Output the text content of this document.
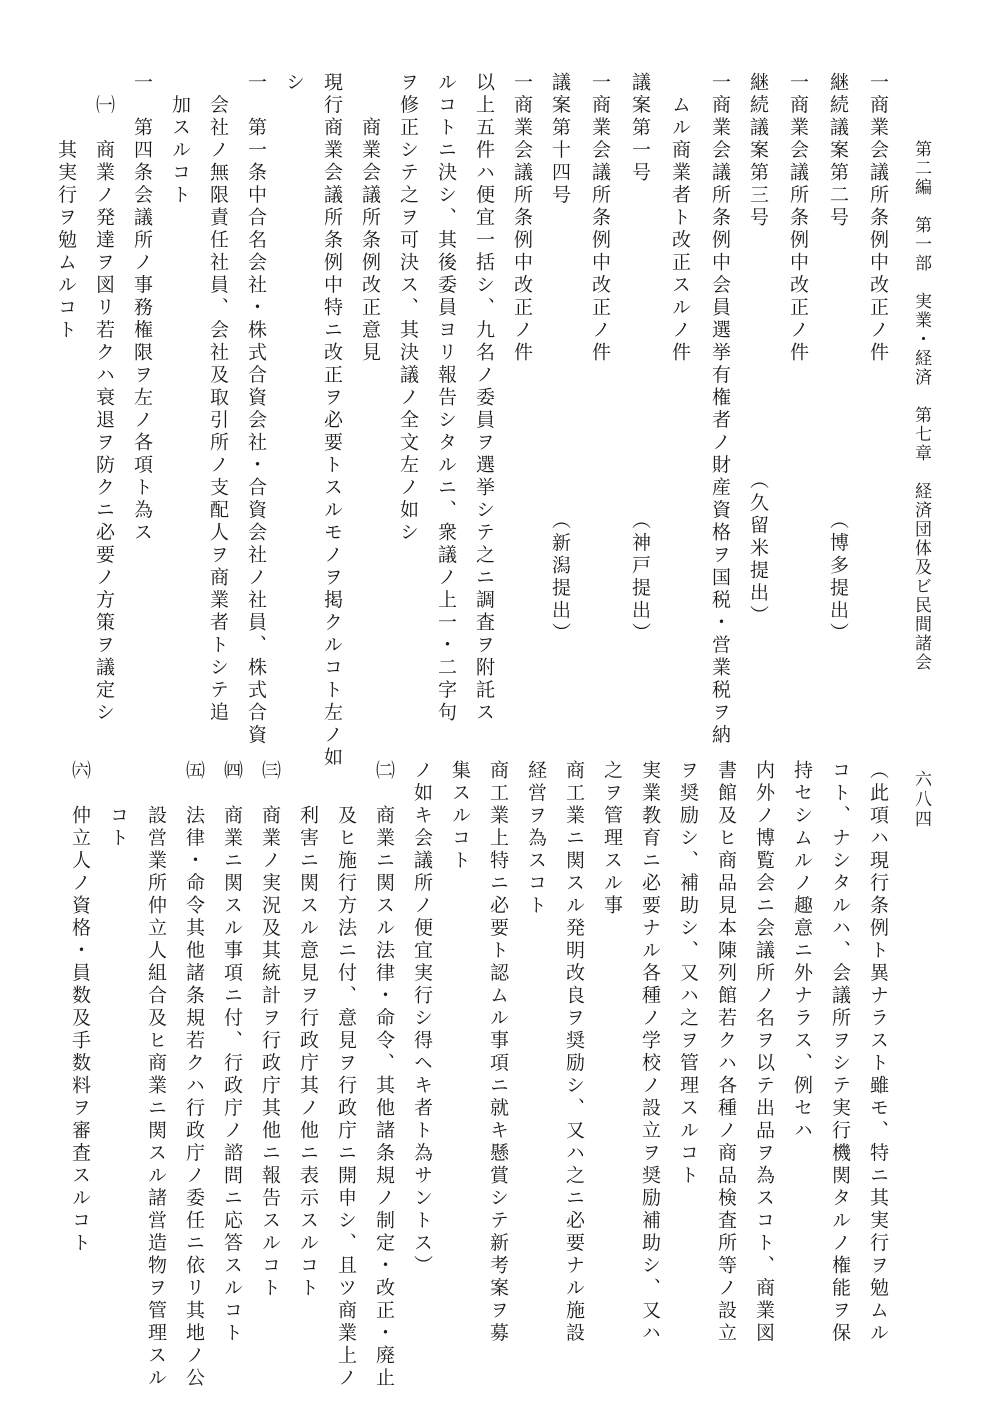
第二編　第一部　実業・経済　第七章　経済団体及ビ民間諸会
六八四
一商業会議所条例中改正ノ件
継続議案第二号
（博多提出）
一商業会議所条例中改正ノ件
継続議案第三号
（久留米提出）
一商業会議所条例中会員選挙有権者ノ財産資格ヲ国税・営業税ヲ納
　ムル商業者ト改正スルノ件
議案第一号
（神戸提出）
一商業会議所条例中改正ノ件
議案第十四号
（新潟提出）
一商業会議所条例中改正ノ件
以上五件ハ便宜一括シ、九名ノ委員ヲ選挙シテ之ニ調査ヲ附託ス
ルコトニ決シ、其後委員ヨリ報告シタルニ、衆議ノ上一・二字句
ヲ修正シテ之ヲ可決ス、其決議ノ全文左ノ如シ
　　商業会議所条例改正意見
現行商業会議所条例中特ニ改正ヲ必要トスルモノヲ掲クルコト左ノ如
シ
一　第一条中合名会社・株式合資会社・合資会社ノ社員、株式合資
　会社ノ無限責任社員、会社及取引所ノ支配人ヲ商業者トシテ追
　加スルコト
一　第四条会議所ノ事務権限ヲ左ノ各項ト為ス
　㈠　商業ノ発達ヲ図リ若クハ衰退ヲ防クニ必要ノ方策ヲ議定シ
　　　其実行ヲ勉ムルコト
（此項ハ現行条例ト異ナラスト雖モ、特ニ其実行ヲ勉ムル
コト、ナシタルハ、会議所ヲシテ実行機関タルノ権能ヲ保
持セシムルノ趣意ニ外ナラス、例セハ
内外ノ博覧会ニ会議所ノ名ヲ以テ出品ヲ為スコト、商業図
書館及ヒ商品見本陳列館若クハ各種ノ商品検査所等ノ設立
ヲ奨励シ、補助シ、又ハ之ヲ管理スルコト
実業教育ニ必要ナル各種ノ学校ノ設立ヲ奨励補助シ、又ハ
之ヲ管理スル事
商工業ニ関スル発明改良ヲ奨励シ、又ハ之ニ必要ナル施設
経営ヲ為スコト
商工業上特ニ必要ト認ムル事項ニ就キ懸賞シテ新考案ヲ募
集スルコト
ノ如キ会議所ノ便宜実行シ得ヘキ者ト為サントス）
㈡　商業ニ関スル法律・命令、其他諸条規ノ制定・改正・廃止
　　及ヒ施行方法ニ付、意見ヲ行政庁ニ開申シ、且ツ商業上ノ
　　利害ニ関スル意見ヲ行政庁其ノ他ニ表示スルコト
㈢　商業ノ実況及其統計ヲ行政庁其他ニ報告スルコト
㈣　商業ニ関スル事項ニ付、行政庁ノ諮問ニ応答スルコト
㈤　法律・命令其他諸条規若クハ行政庁ノ委任ニ依リ其地ノ公
　　設営業所仲立人組合及ヒ商業ニ関スル諸営造物ヲ管理スル
　　コト
㈥　仲立人ノ資格・員数及手数料ヲ審査スルコト
